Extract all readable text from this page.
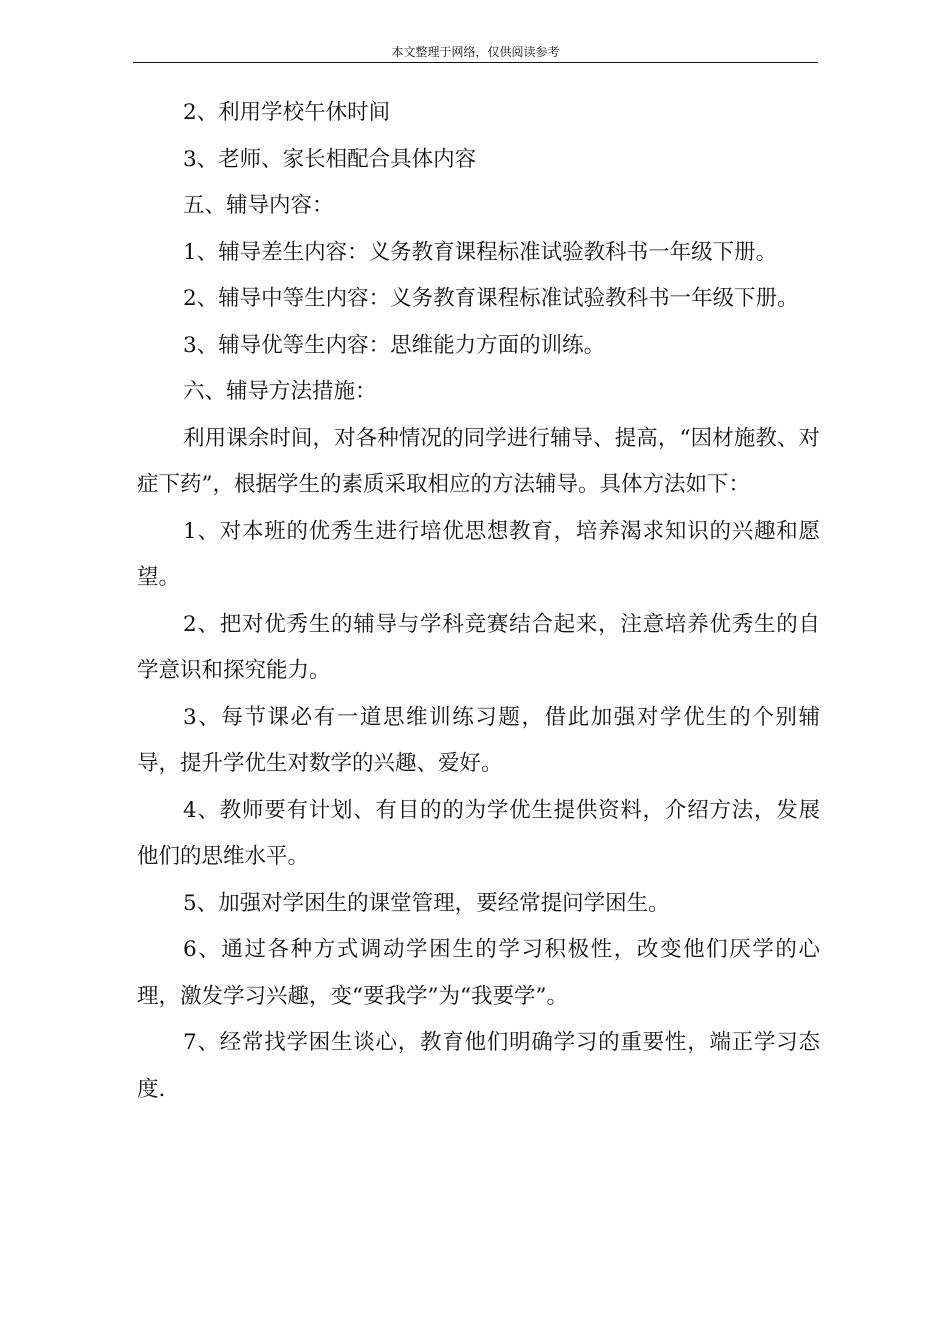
本文整理于网络，仅供阅读参考

2、利用学校午休时间

3、老师、家长相配合具体内容

五、辅导内容：

1、辅导差生内容：义务教育课程标准试验教科书一年级下册。

2、辅导中等生内容：义务教育课程标准试验教科书一年级下册。

3、辅导优等生内容：思维能力方面的训练。

六、辅导方法措施：

利用课余时间，对各种情况的同学进行辅导、提高，“因材施教、对症下药”，根据学生的素质采取相应的方法辅导。具体方法如下：

1、对本班的优秀生进行培优思想教育，培养渴求知识的兴趣和愿望。

2、把对优秀生的辅导与学科竞赛结合起来，注意培养优秀生的自学意识和探究能力。

3、每节课必有一道思维训练习题，借此加强对学优生的个别辅导，提升学优生对数学的兴趣、爱好。

4、教师要有计划、有目的的为学优生提供资料，介绍方法，发展他们的思维水平。

5、加强对学困生的课堂管理，要经常提问学困生。

6、通过各种方式调动学困生的学习积极性，改变他们厌学的心理，激发学习兴趣，变“要我学”为“我要学”。

7、经常找学困生谈心，教育他们明确学习的重要性，端正学习态度.
